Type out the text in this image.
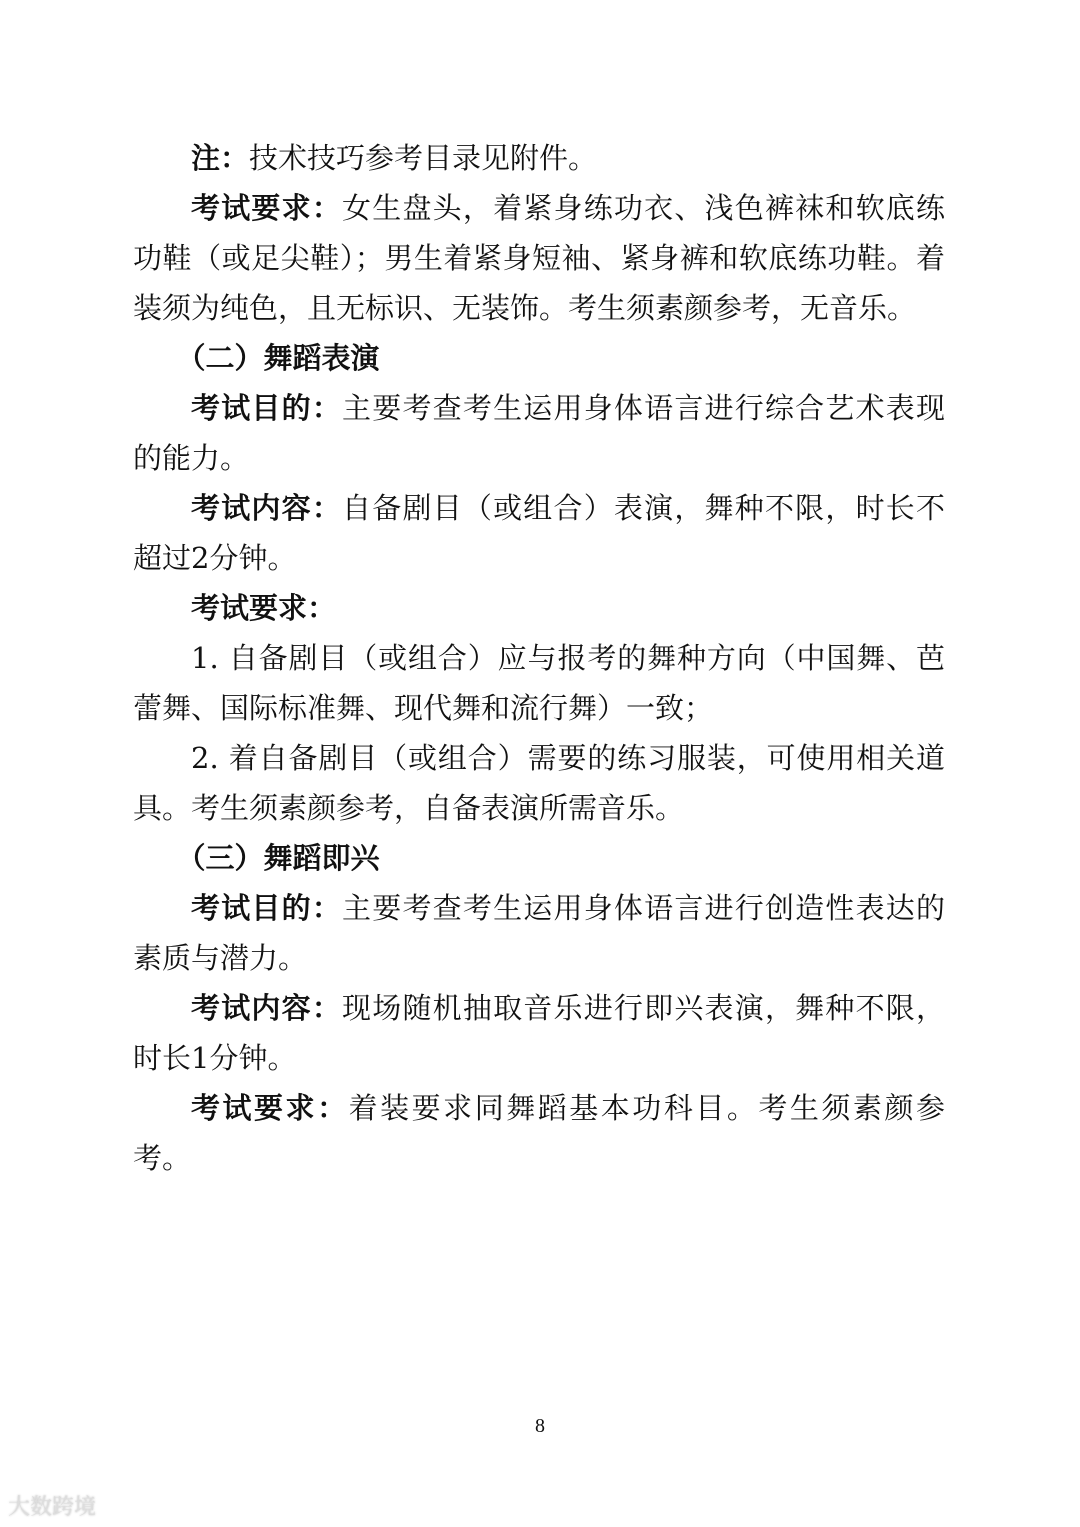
注：技术技巧参考目录见附件。

考试要求：女生盘头，着紧身练功衣、浅色裤袜和软底练功鞋（或足尖鞋）；男生着紧身短袖、紧身裤和软底练功鞋。着装须为纯色，且无标识、无装饰。考生须素颜参考，无音乐。

（二）舞蹈表演

考试目的：主要考查考生运用身体语言进行综合艺术表现的能力。

考试内容：自备剧目（或组合）表演，舞种不限，时长不超过2分钟。

考试要求：

1. 自备剧目（或组合）应与报考的舞种方向（中国舞、芭蕾舞、国际标准舞、现代舞和流行舞）一致；

2. 着自备剧目（或组合）需要的练习服装，可使用相关道具。考生须素颜参考，自备表演所需音乐。

（三）舞蹈即兴

考试目的：主要考查考生运用身体语言进行创造性表达的素质与潜力。

考试内容：现场随机抽取音乐进行即兴表演，舞种不限，时长1分钟。

考试要求：着装要求同舞蹈基本功科目。考生须素颜参考。

8
大数跨境
